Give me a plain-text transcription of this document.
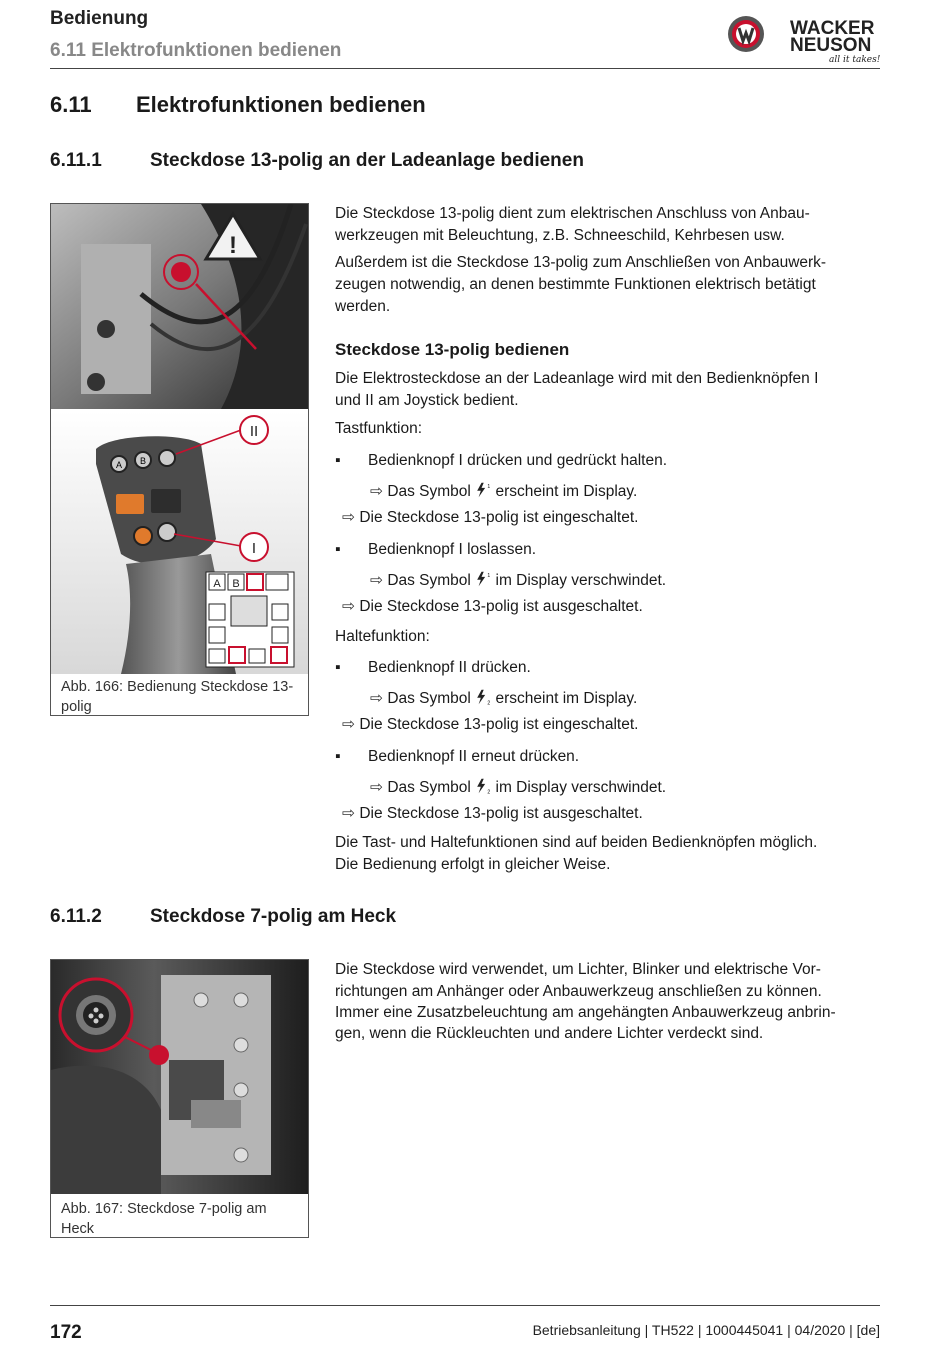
Bedienung
6.11 Elektrofunktionen bedienen
WACKER
NEUSON
all it takes!
6.11 Elektrofunktionen bedienen
6.11.1	Steckdose 13-polig an der Ladeanlage bedienen
!
A B
II
I
A B
Abb. 166: Bedienung Steckdose 13-
polig
Die Steckdose 13-polig dient zum elektrischen Anschluss von Anbau-
werkzeugen mit Beleuchtung, z.B. Schneeschild, Kehrbesen usw.
Außerdem ist die Steckdose 13-polig zum Anschließen von Anbauwerk-
zeugen notwendig, an denen bestimmte Funktionen elektrisch betätigt
werden.
Steckdose 13-polig bedienen
Die Elektrosteckdose an der Ladeanlage wird mit den Bedienknöpfen I
und II am Joystick bedient.
Tastfunktion:
▪ Bedienknopf I drücken und gedrückt halten.
⇨ Das Symbol 1 erscheint im Display.
⇨ Die Steckdose 13-polig ist eingeschaltet.
▪ Bedienknopf I loslassen.
⇨ Das Symbol 1 im Display verschwindet.
⇨ Die Steckdose 13-polig ist ausgeschaltet.
Haltefunktion:
▪ Bedienknopf II drücken.
⇨ Das Symbol 2 erscheint im Display.
⇨ Die Steckdose 13-polig ist eingeschaltet.
▪ Bedienknopf II erneut drücken.
⇨ Das Symbol 2 im Display verschwindet.
⇨ Die Steckdose 13-polig ist ausgeschaltet.
Die Tast- und Haltefunktionen sind auf beiden Bedienknöpfen möglich.
Die Bedienung erfolgt in gleicher Weise.
6.11.2	Steckdose 7-polig am Heck
Abb. 167: Steckdose 7-polig am
Heck
Die Steckdose wird verwendet, um Lichter, Blinker und elektrische Vor-
richtungen am Anhänger oder Anbauwerkzeug anschließen zu können.
Immer eine Zusatzbeleuchtung am angehängten Anbauwerkzeug anbrin-
gen, wenn die Rückleuchten und andere Lichter verdeckt sind.
172	Betriebsanleitung | TH522 | 1000445041 | 04/2020 | [de]
